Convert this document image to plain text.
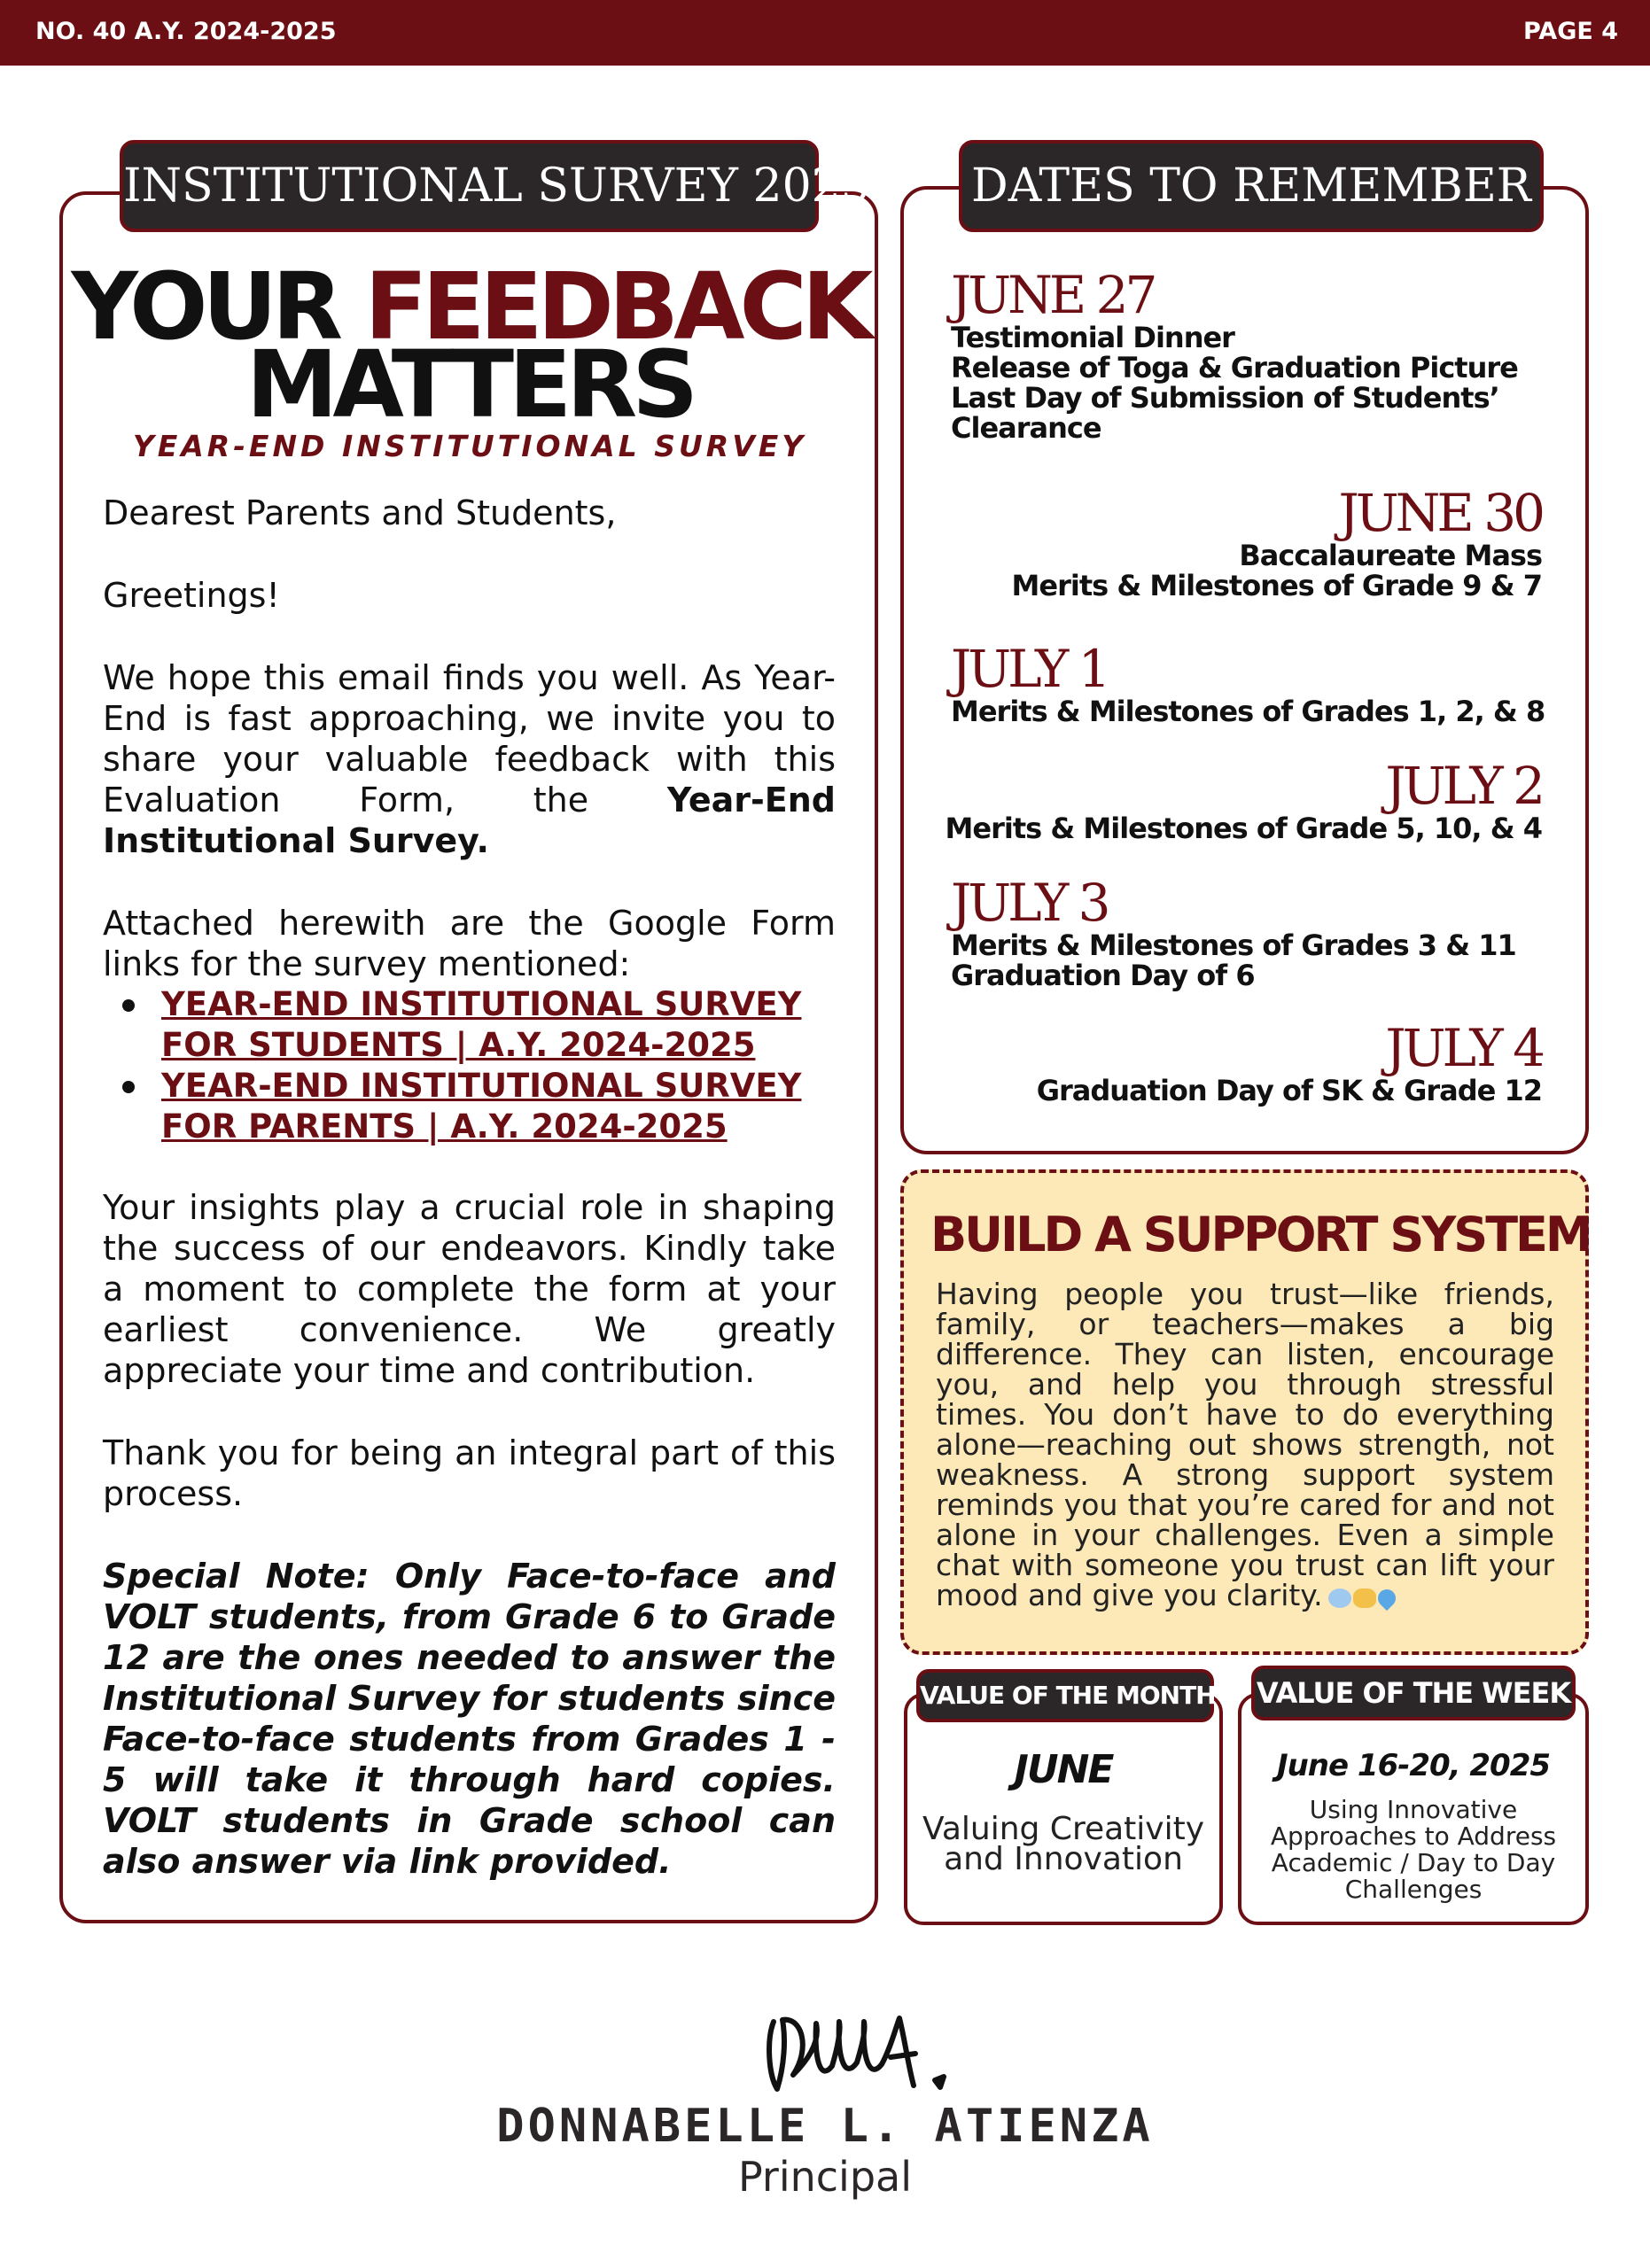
NO. 40 A.Y. 2024-2025	PAGE 4
INSTITUTIONAL SURVEY 2025
YOUR FEEDBACK
MATTERS
YEAR-END INSTITUTIONAL SURVEY
Dearest Parents and Students,
Greetings!
We hope this email finds you well. As Year-End is fast approaching, we invite you to share your valuable feedback with this Evaluation Form, the Year-End Institutional Survey.
Attached herewith are the Google Form links for the survey mentioned:
YEAR-END INSTITUTIONAL SURVEY FOR STUDENTS | A.Y. 2024-2025
YEAR-END INSTITUTIONAL SURVEY FOR PARENTS | A.Y. 2024-2025
Your insights play a crucial role in shaping the success of our endeavors. Kindly take a moment to complete the form at your earliest convenience. We greatly appreciate your time and contribution.
Thank you for being an integral part of this process.
Special Note: Only Face-to-face and VOLT students, from Grade 6 to Grade 12 are the ones needed to answer the Institutional Survey for students since Face-to-face students from Grades 1 - 5 will take it through hard copies. VOLT students in Grade school can also answer via link provided.
DATES TO REMEMBER
JUNE 27
Testimonial Dinner
Release of Toga & Graduation Picture
Last Day of Submission of Students’
Clearance
JUNE 30
Baccalaureate Mass
Merits & Milestones of Grade 9 & 7
JULY 1
Merits & Milestones of Grades 1, 2, & 8
JULY 2
Merits & Milestones of Grade 5, 10, & 4
JULY 3
Merits & Milestones of Grades 3 & 11
Graduation Day of 6
JULY 4
Graduation Day of SK & Grade 12
BUILD A SUPPORT SYSTEM
Having people you trust—like friends, family, or teachers—makes a big difference. They can listen, encourage you, and help you through stressful times. You don’t have to do everything alone—reaching out shows strength, not weakness. A strong support system reminds you that you’re cared for and not alone in your challenges. Even a simple chat with someone you trust can lift your mood and give you clarity.
VALUE OF THE MONTH
JUNE
Valuing Creativity and Innovation
VALUE OF THE WEEK
June 16-20, 2025
Using Innovative Approaches to Address Academic / Day to Day Challenges
DONNABELLE L. ATIENZA
Principal
